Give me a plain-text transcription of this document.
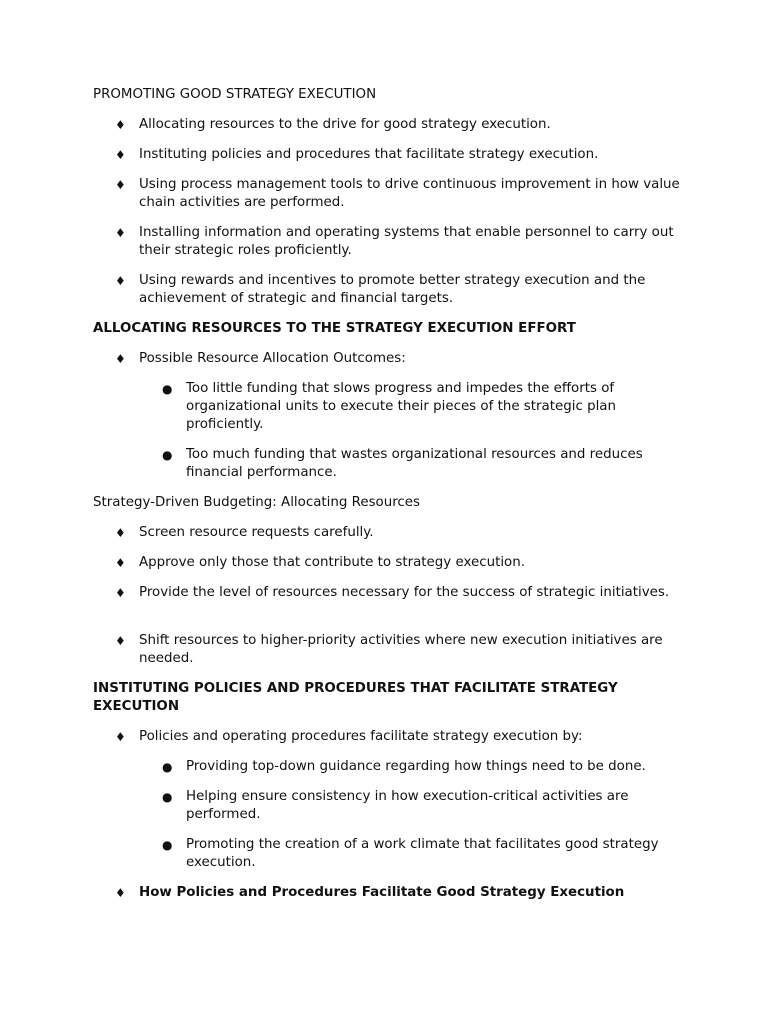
PROMOTING GOOD STRATEGY EXECUTION

♦ Allocating resources to the drive for good strategy execution.
♦ Instituting policies and procedures that facilitate strategy execution.
♦ Using process management tools to drive continuous improvement in how value chain activities are performed.
♦ Installing information and operating systems that enable personnel to carry out their strategic roles proficiently.
♦ Using rewards and incentives to promote better strategy execution and the achievement of strategic and financial targets.

ALLOCATING RESOURCES TO THE STRATEGY EXECUTION EFFORT

♦ Possible Resource Allocation Outcomes:
● Too little funding that slows progress and impedes the efforts of organizational units to execute their pieces of the strategic plan proficiently.
● Too much funding that wastes organizational resources and reduces financial performance.

Strategy-Driven Budgeting: Allocating Resources

♦ Screen resource requests carefully.
♦ Approve only those that contribute to strategy execution.
♦ Provide the level of resources necessary for the success of strategic initiatives.
♦ Shift resources to higher-priority activities where new execution initiatives are needed.

INSTITUTING POLICIES AND PROCEDURES THAT FACILITATE STRATEGY EXECUTION

♦ Policies and operating procedures facilitate strategy execution by:
● Providing top-down guidance regarding how things need to be done.
● Helping ensure consistency in how execution-critical activities are performed.
● Promoting the creation of a work climate that facilitates good strategy execution.
♦ How Policies and Procedures Facilitate Good Strategy Execution
